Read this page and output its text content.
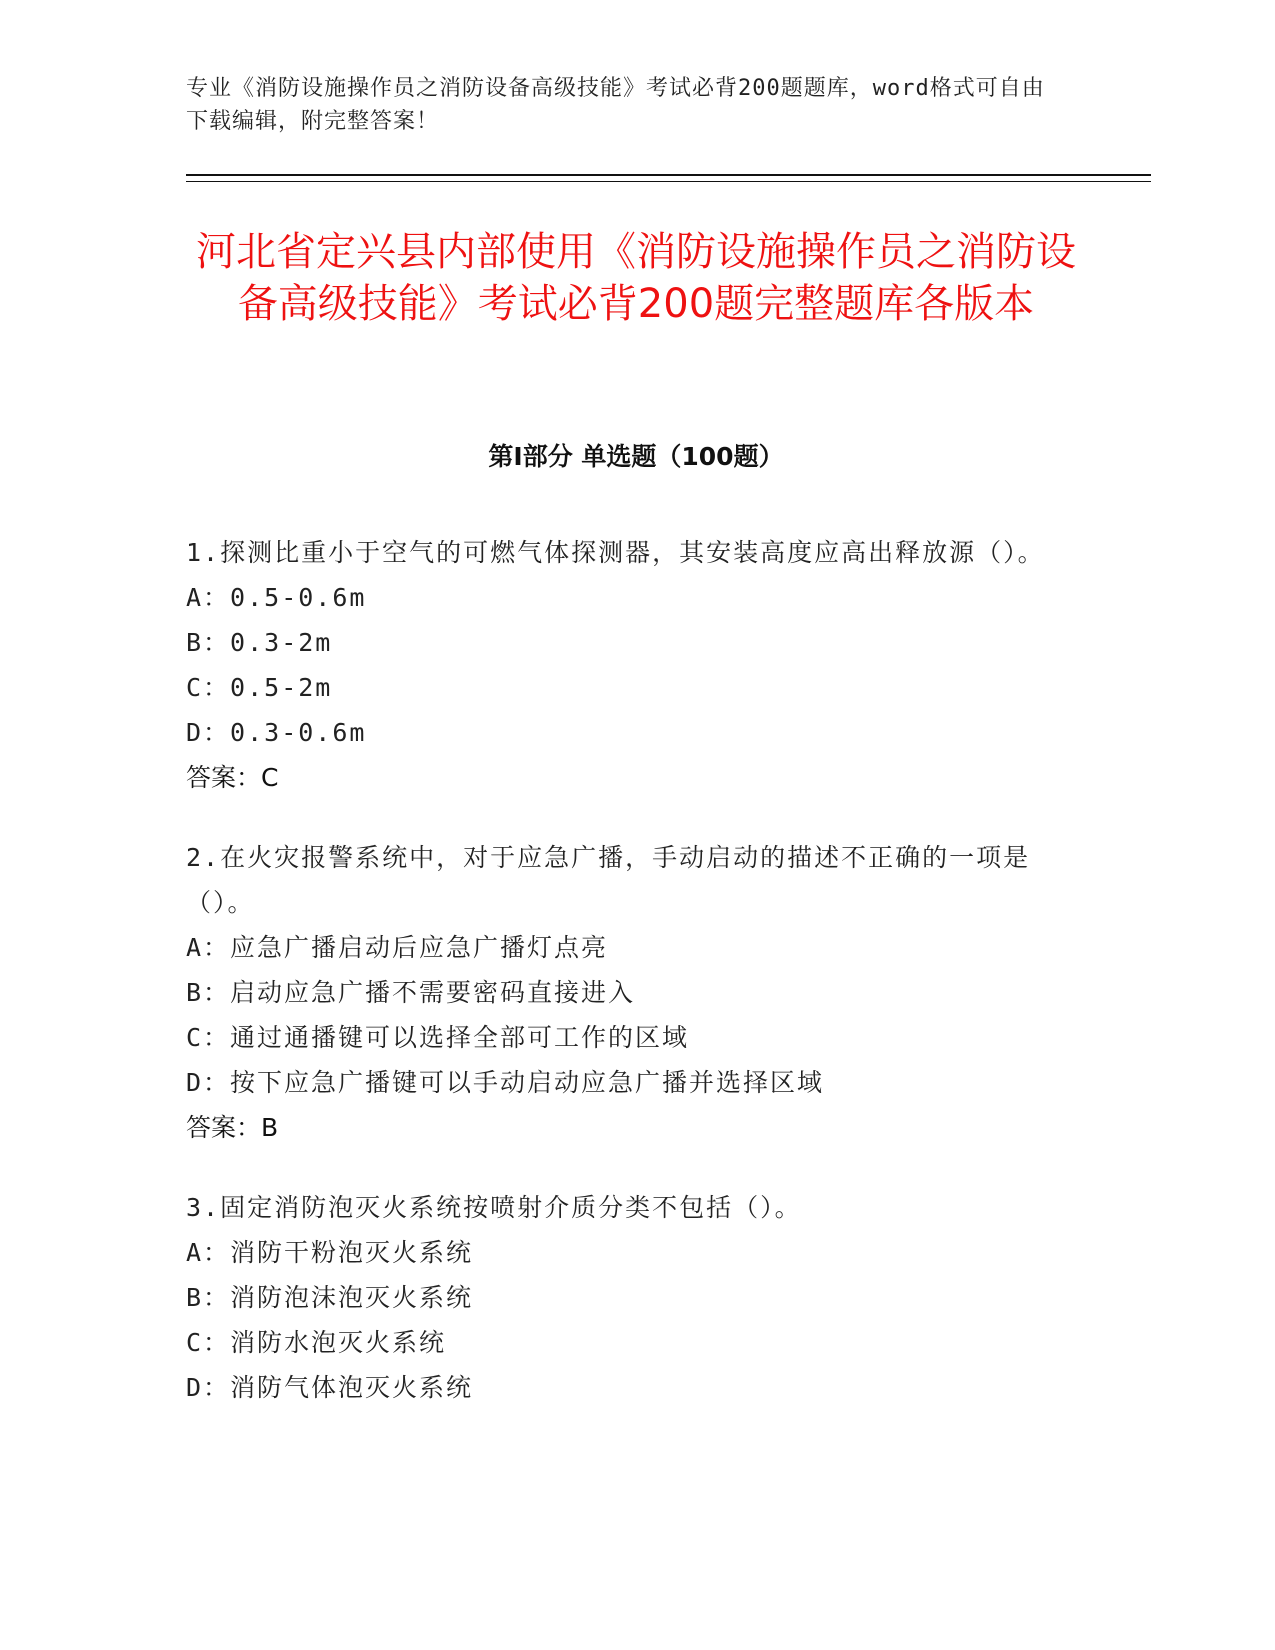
专业《消防设施操作员之消防设备高级技能》考试必背200题题库，word格式可自由下载编辑，附完整答案！
河北省定兴县内部使用《消防设施操作员之消防设备高级技能》考试必背200题完整题库各版本
第Ⅰ部分 单选题（100题）
1.探测比重小于空气的可燃气体探测器，其安装高度应高出释放源（）。
A：0.5-0.6m
B：0.3-2m
C：0.5-2m
D：0.3-0.6m
答案：C
2.在火灾报警系统中，对于应急广播，手动启动的描述不正确的一项是（）。
A：应急广播启动后应急广播灯点亮
B：启动应急广播不需要密码直接进入
C：通过通播键可以选择全部可工作的区域
D：按下应急广播键可以手动启动应急广播并选择区域
答案：B
3.固定消防泡灭火系统按喷射介质分类不包括（）。
A：消防干粉泡灭火系统
B：消防泡沫泡灭火系统
C：消防水泡灭火系统
D：消防气体泡灭火系统
